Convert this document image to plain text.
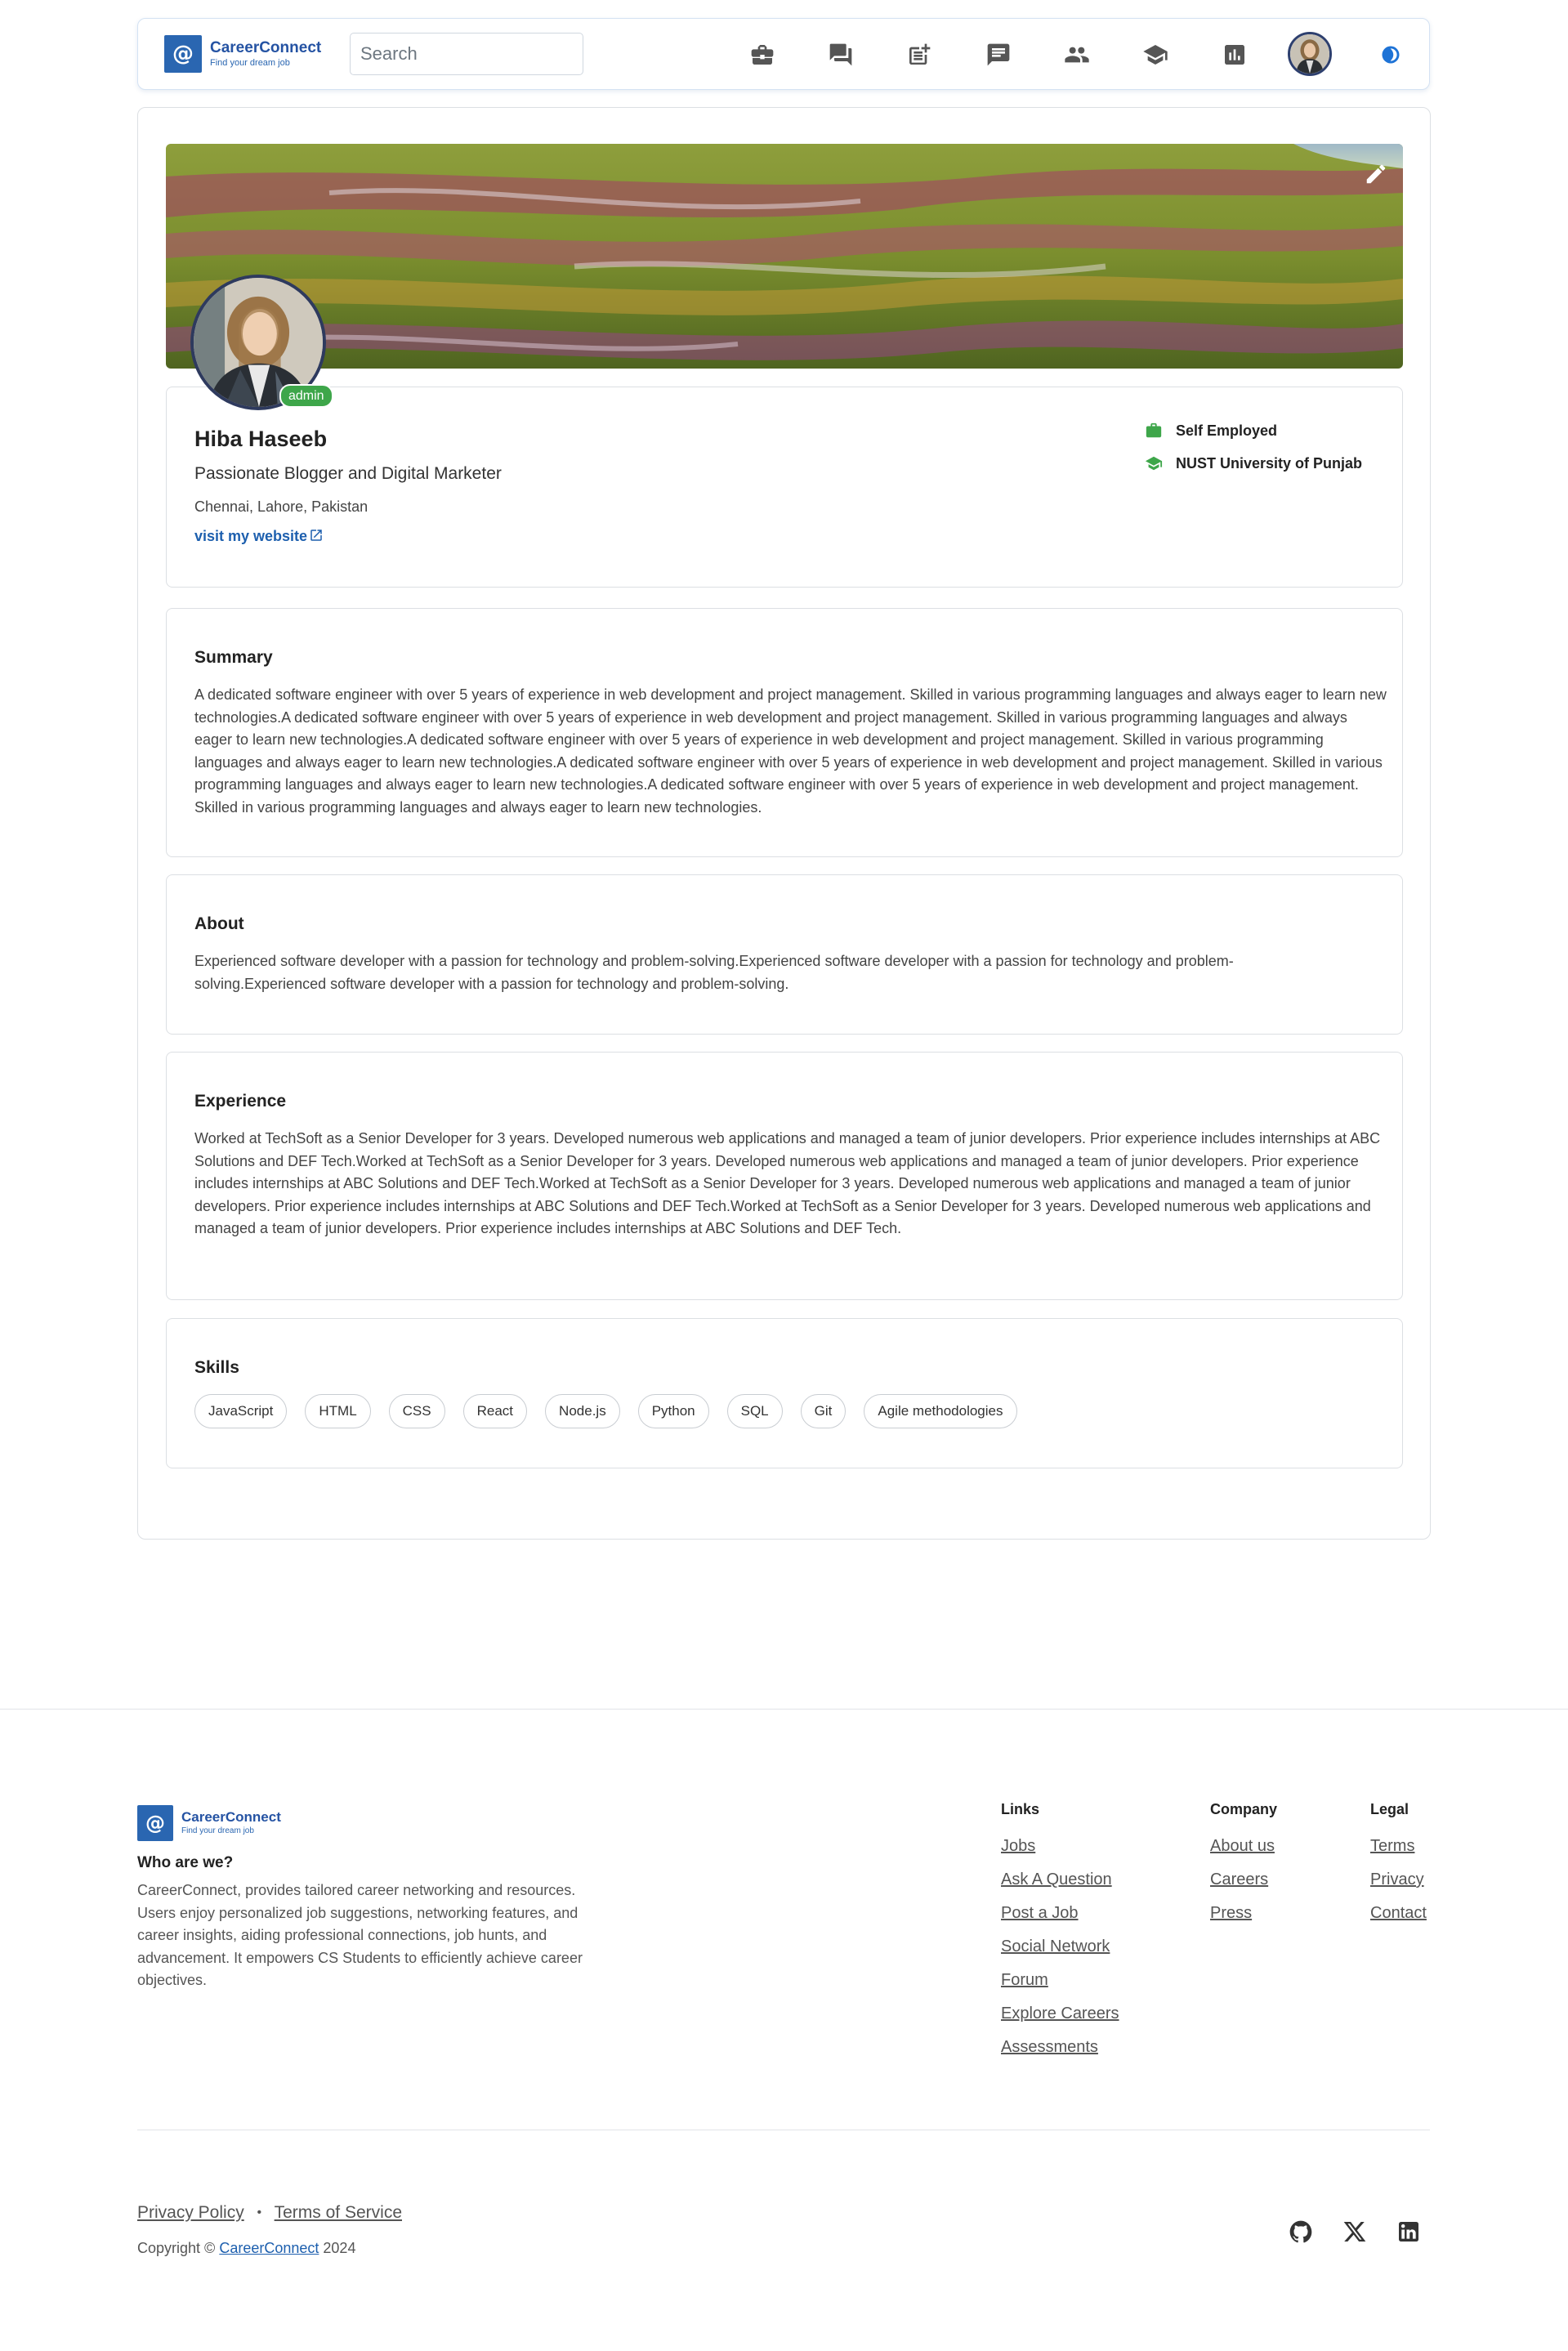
@	CareerConnect
Find your dream job
Search
admin
Hiba Haseeb
Passionate Blogger and Digital Marketer
Chennai, Lahore, Pakistan
visit my website
Self Employed
NUST University of Punjab
Summary

A dedicated software engineer with over 5 years of experience in web development and project management. Skilled in various programming languages and always eager to learn new technologies.A dedicated software engineer with over 5 years of experience in web development and project management. Skilled in various programming languages and always eager to learn new technologies.A dedicated software engineer with over 5 years of experience in web development and project management. Skilled in various programming languages and always eager to learn new technologies.A dedicated software engineer with over 5 years of experience in web development and project management. Skilled in various programming languages and always eager to learn new technologies.A dedicated software engineer with over 5 years of experience in web development and project management. Skilled in various programming languages and always eager to learn new technologies.

About

Experienced software developer with a passion for technology and problem-solving.Experienced software developer with a passion for technology and problem-solving.Experienced software developer with a passion for technology and problem-solving.

Experience

Worked at TechSoft as a Senior Developer for 3 years. Developed numerous web applications and managed a team of junior developers. Prior experience includes internships at ABC Solutions and DEF Tech.Worked at TechSoft as a Senior Developer for 3 years. Developed numerous web applications and managed a team of junior developers. Prior experience includes internships at ABC Solutions and DEF Tech.Worked at TechSoft as a Senior Developer for 3 years. Developed numerous web applications and managed a team of junior developers. Prior experience includes internships at ABC Solutions and DEF Tech.Worked at TechSoft as a Senior Developer for 3 years. Developed numerous web applications and managed a team of junior developers. Prior experience includes internships at ABC Solutions and DEF Tech.

Skills
JavaScript	HTML	CSS	React	Node.js	Python	SQL	Git	Agile methodologies
@	CareerConnect
Find your dream job
Who are we?

CareerConnect, provides tailored career networking and resources. Users enjoy personalized job suggestions, networking features, and career insights, aiding professional connections, job hunts, and advancement. It empowers CS Students to efficiently achieve career objectives.

Links
Jobs
Ask A Question
Post a Job
Social Network
Forum
Explore Careers
Assessments
Company
About us
Careers
Press
Legal
Terms
Privacy
Contact
Privacy Policy • Terms of Service
Copyright © CareerConnect 2024
